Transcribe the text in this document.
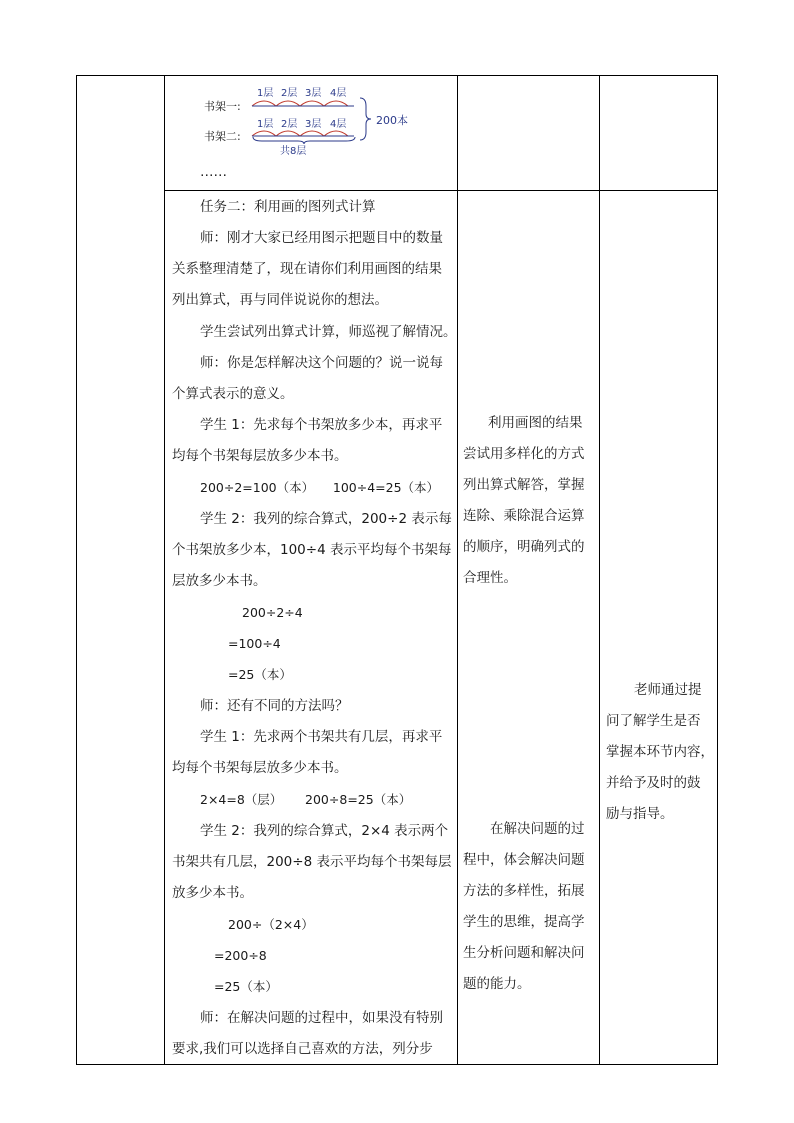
1层 2层 3层 4层
书架一:
1层 2层 3层 4层
书架二:
200本
共8层
……
任务二：利用画的图列式计算
师：刚才大家已经用图示把题目中的数量
关系整理清楚了，现在请你们利用画图的结果
列出算式，再与同伴说说你的想法。
学生尝试列出算式计算，师巡视了解情况。
师：你是怎样解决这个问题的？说一说每
个算式表示的意义。
学生 1：先求每个书架放多少本，再求平
均每个书架每层放多少本书。
200÷2=100（本）　　100÷4=25（本）
学生 2：我列的综合算式，200÷2 表示每
个书架放多少本，100÷4 表示平均每个书架每
层放多少本书。
200÷2÷4
=100÷4
=25（本）
师：还有不同的方法吗？
学生 1：先求两个书架共有几层，再求平
均每个书架每层放多少本书。
2×4=8（层）　　 200÷8=25（本）
学生 2：我列的综合算式，2×4 表示两个
书架共有几层，200÷8 表示平均每个书架每层
放多少本书。
200÷（2×4）
=200÷8
=25（本）
师：在解决问题的过程中，如果没有特别
要求,我们可以选择自己喜欢的方法，列分步
利用画图的结果
尝试用多样化的方式
列出算式解答，掌握
连除、乘除混合运算
的顺序，明确列式的
合理性。
在解决问题的过
程中，体会解决问题
方法的多样性，拓展
学生的思维，提高学
生分析问题和解决问
题的能力。
老师通过提
问了解学生是否
掌握本环节内容，
并给予及时的鼓
励与指导。
